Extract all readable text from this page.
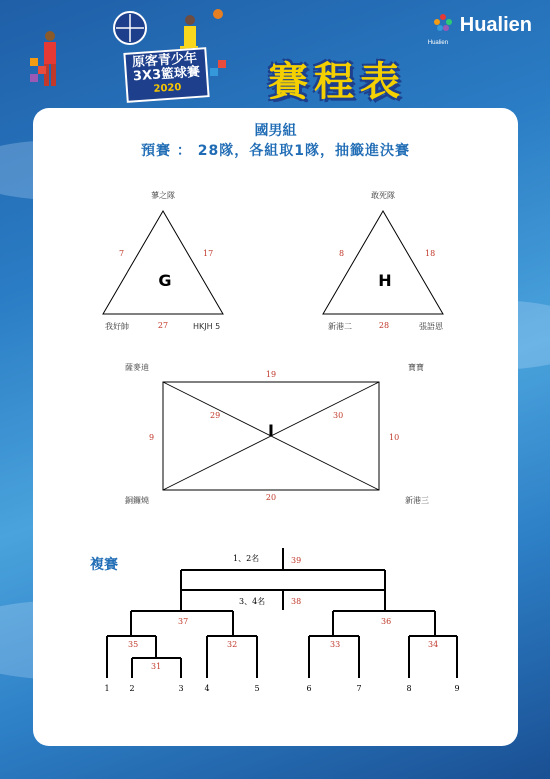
原客青少年
3X3籃球賽
2020
Hualien
Hualien
賽程表
國男組
預賽 ： 28隊，各組取1隊，抽籤進決賽
蓼之隊
我好帥	HKJH 5
7	17
27
G
敢死隊
新港二	張語恩
8	18
28
H
薩麥迪	寶寶
銅鑼燒	新港三
19
20
9	10
29	30
I
1、2名	39
3、4名	38
37	36
35	32	33	34
31
1 2	3	4	5	6	7	8	9
複賽
